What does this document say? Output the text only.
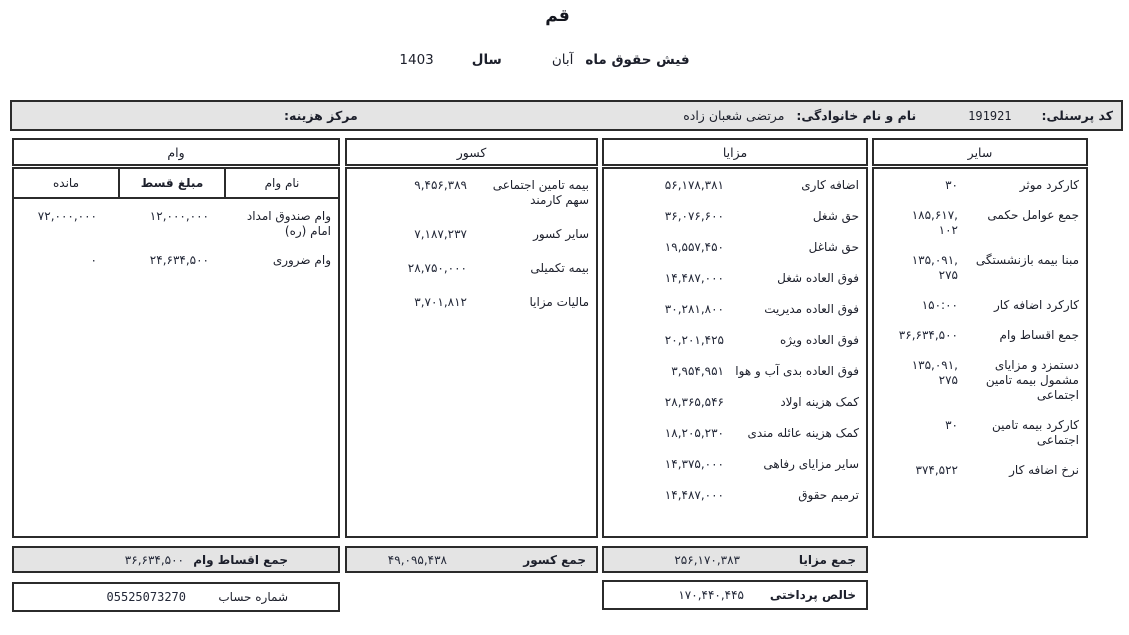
قم
فیش حقوق ماه
آبان
سال
1403
کد پرسنلی:
191921
نام و نام خانوادگی:
مرتضی شعبان زاده
مرکز هزینه:
مزایا
اضافه کاری
۵۶,۱۷۸,۳۸۱
حق شغل
۳۶,۰۷۶,۶۰۰
حق شاغل
۱۹,۵۵۷,۴۵۰
فوق العاده شغل
۱۴,۴۸۷,۰۰۰
فوق العاده مدیریت
۳۰,۲۸۱,۸۰۰
فوق العاده ویژه
۲۰,۲۰۱,۴۲۵
فوق العاده بدی آب و هوا
۳,۹۵۴,۹۵۱
کمک هزینه اولاد
۲۸,۳۶۵,۵۴۶
کمک هزینه عائله مندی
۱۸,۲۰۵,۲۳۰
سایر مزایای رفاهی
۱۴,۳۷۵,۰۰۰
ترمیم حقوق
۱۴,۴۸۷,۰۰۰
کسور
بیمه تامین اجتماعی سهم کارمند
۹,۴۵۶,۳۸۹
سایر کسور
۷,۱۸۷,۲۳۷
بیمه تکمیلی
۲۸,۷۵۰,۰۰۰
مالیات مزایا
۳,۷۰۱,۸۱۲
وام
نام وام
مبلغ قسط
مانده
وام صندوق امداد امام (ره)
۱۲,۰۰۰,۰۰۰
۷۲,۰۰۰,۰۰۰
وام ضروری
۲۴,۶۳۴,۵۰۰
۰
سایر
کارکرد موثر
۳۰
جمع عوامل حکمی
۱۸۵,۶۱۷,
۱۰۲
مبنا بیمه بازنشستگی
۱۳۵,۰۹۱,
۲۷۵
کارکرد اضافه کار
۱۵۰:۰۰
جمع اقساط وام
۳۶,۶۳۴,۵۰۰
دستمزد و مزایای مشمول بیمه تامین اجتماعی
۱۳۵,۰۹۱,
۲۷۵
کارکرد بیمه تامین اجتماعی
۳۰
نرخ اضافه کار
۳۷۴,۵۲۲
جمع اقساط وام
۳۶,۶۳۴,۵۰۰	جمع کسور
۴۹,۰۹۵,۴۳۸	جمع مزایا
۲۵۶,۱۷۰,۳۸۳
خالص پرداختی
۱۷۰,۴۴۰,۴۴۵
شماره حساب
05525073270
